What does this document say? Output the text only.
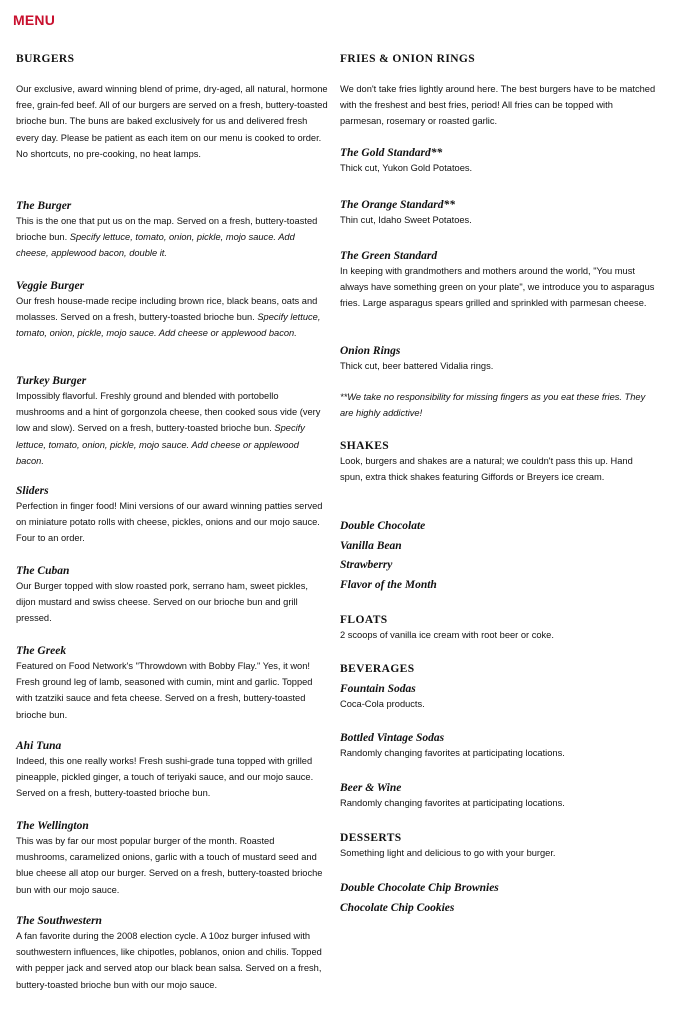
MENU
BURGERS
Our exclusive, award winning blend of prime, dry-aged, all natural, hormone free, grain-fed beef. All of our burgers are served on a fresh, buttery-toasted brioche bun. The buns are baked exclusively for us and delivered fresh every day. Please be patient as each item on our menu is cooked to order. No shortcuts, no pre-cooking, no heat lamps.
The Burger
This is the one that put us on the map. Served on a fresh, buttery-toasted brioche bun. Specify lettuce, tomato, onion, pickle, mojo sauce. Add cheese, applewood bacon, double it.
Veggie Burger
Our fresh house-made recipe including brown rice, black beans, oats and molasses. Served on a fresh, buttery-toasted brioche bun. Specify lettuce, tomato, onion, pickle, mojo sauce. Add cheese or applewood bacon.
Turkey Burger
Impossibly flavorful. Freshly ground and blended with portobello mushrooms and a hint of gorgonzola cheese, then cooked sous vide (very low and slow). Served on a fresh, buttery-toasted brioche bun. Specify lettuce, tomato, onion, pickle, mojo sauce. Add cheese or applewood bacon.
Sliders
Perfection in finger food! Mini versions of our award winning patties served on miniature potato rolls with cheese, pickles, onions and our mojo sauce. Four to an order.
The Cuban
Our Burger topped with slow roasted pork, serrano ham, sweet pickles, dijon mustard and swiss cheese. Served on our brioche bun and grill pressed.
The Greek
Featured on Food Network's "Throwdown with Bobby Flay." Yes, it won! Fresh ground leg of lamb, seasoned with cumin, mint and garlic. Topped with tzatziki sauce and feta cheese. Served on a fresh, buttery-toasted brioche bun.
Ahi Tuna
Indeed, this one really works! Fresh sushi-grade tuna topped with grilled pineapple, pickled ginger, a touch of teriyaki sauce, and our mojo sauce. Served on a fresh, buttery-toasted brioche bun.
The Wellington
This was by far our most popular burger of the month. Roasted mushrooms, caramelized onions, garlic with a touch of mustard seed and blue cheese all atop our burger. Served on a fresh, buttery-toasted brioche bun with our mojo sauce.
The Southwestern
A fan favorite during the 2008 election cycle. A 10oz burger infused with southwestern influences, like chipotles, poblanos, onion and chilis. Topped with pepper jack and served atop our black bean salsa. Served on a fresh, buttery-toasted brioche bun with our mojo sauce.
FRIES & ONION RINGS
We don't take fries lightly around here. The best burgers have to be matched with the freshest and best fries, period! All fries can be topped with parmesan, rosemary or roasted garlic.
The Gold Standard**
Thick cut, Yukon Gold Potatoes.
The Orange Standard**
Thin cut, Idaho Sweet Potatoes.
The Green Standard
In keeping with grandmothers and mothers around the world, "You must always have something green on your plate", we introduce you to asparagus fries. Large asparagus spears grilled and sprinkled with parmesan cheese.
Onion Rings
Thick cut, beer battered Vidalia rings.
**We take no responsibility for missing fingers as you eat these fries. They are highly addictive!
SHAKES
Look, burgers and shakes are a natural; we couldn't pass this up. Hand spun, extra thick shakes featuring Giffords or Breyers ice cream.
Double Chocolate
Vanilla Bean
Strawberry
Flavor of the Month
FLOATS
2 scoops of vanilla ice cream with root beer or coke.
BEVERAGES
Fountain Sodas
Coca-Cola products.
Bottled Vintage Sodas
Randomly changing favorites at participating locations.
Beer & Wine
Randomly changing favorites at participating locations.
DESSERTS
Something light and delicious to go with your burger.
Double Chocolate Chip Brownies
Chocolate Chip Cookies
